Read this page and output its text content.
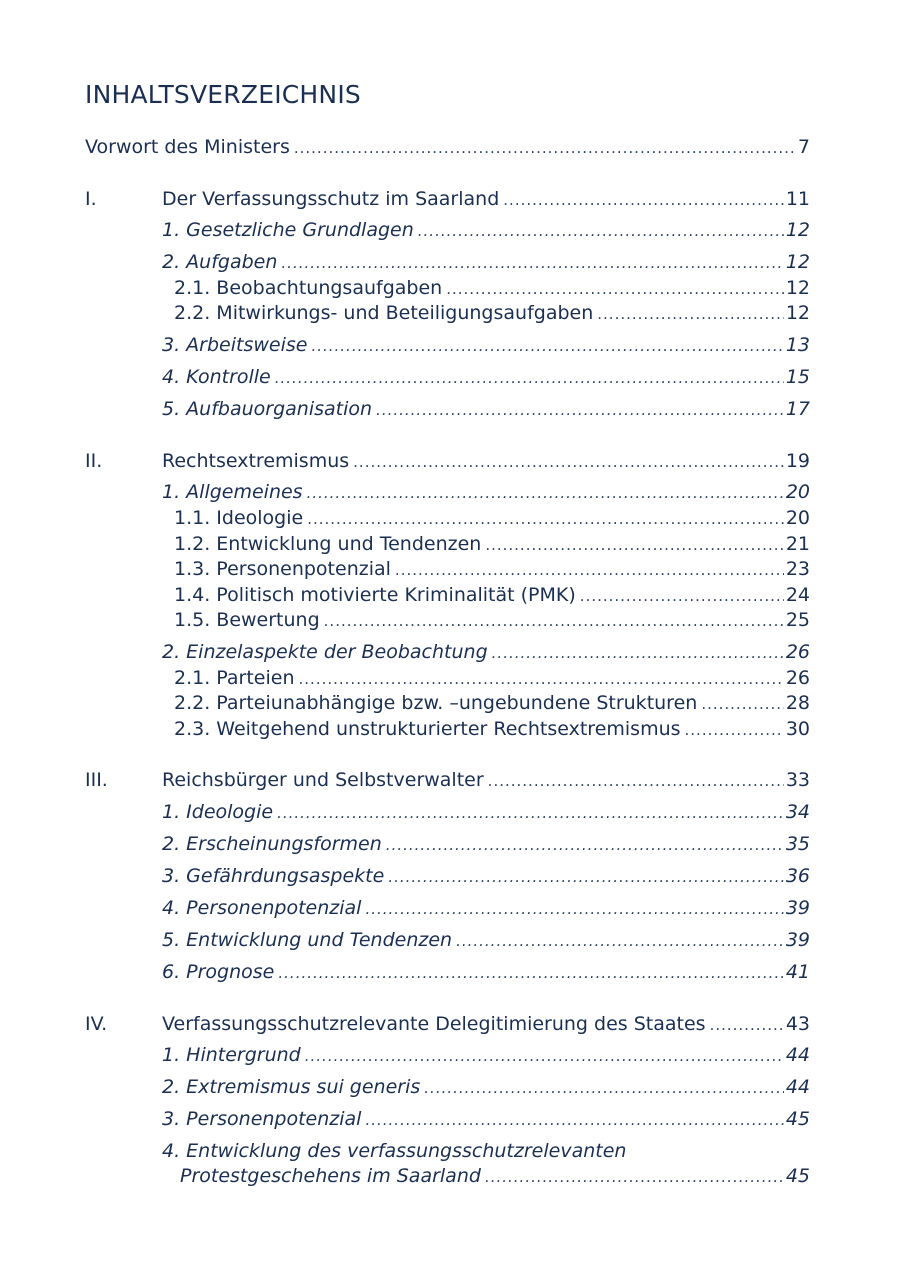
INHALTSVERZEICHNIS
Vorwort des Ministers .....	7
I.	Der Verfassungsschutz im Saarland .....	11
1. Gesetzliche Grundlagen .....	12
2. Aufgaben .....	12
2.1. Beobachtungsaufgaben .....	12
2.2. Mitwirkungs- und Beteiligungsaufgaben .....	12
3. Arbeitsweise .....	13
4. Kontrolle .....	15
5. Aufbauorganisation .....	17
II.	Rechtsextremismus .....	19
1. Allgemeines .....	20
1.1. Ideologie .....	20
1.2. Entwicklung und Tendenzen .....	21
1.3. Personenpotenzial .....	23
1.4. Politisch motivierte Kriminalität (PMK) .....	24
1.5. Bewertung .....	25
2. Einzelaspekte der Beobachtung .....	26
2.1. Parteien .....	26
2.2. Parteiunabhängige bzw. –ungebundene Strukturen .....	28
2.3. Weitgehend unstrukturierter Rechtsextremismus .....	30
III.	Reichsbürger und Selbstverwalter .....	33
1. Ideologie .....	34
2. Erscheinungsformen .....	35
3. Gefährdungsaspekte .....	36
4. Personenpotenzial .....	39
5. Entwicklung und Tendenzen .....	39
6. Prognose .....	41
IV.	Verfassungsschutzrelevante Delegitimierung des Staates .....	43
1. Hintergrund .....	44
2. Extremismus sui generis .....	44
3. Personenpotenzial .....	45
4. Entwicklung des verfassungsschutzrelevanten
Protestgeschehens im Saarland .....	45
